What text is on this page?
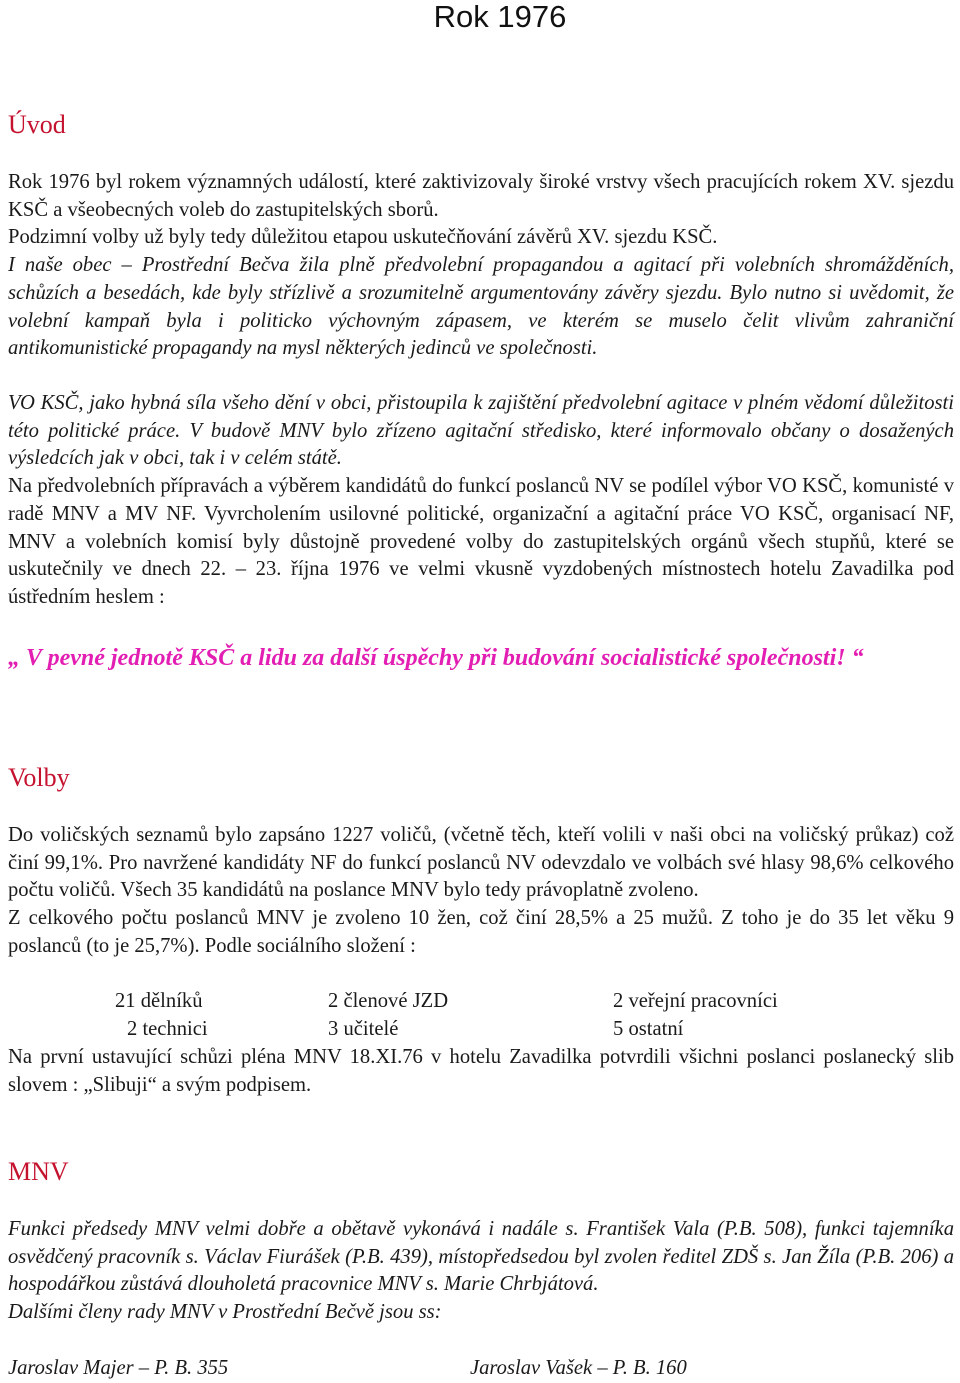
Rok 1976
Úvod

Rok 1976 byl rokem významných událostí, které zaktivizovaly široké vrstvy všech pracujících rokem XV. sjezdu KSČ a všeobecných voleb do zastupitelských sborů.

Podzimní volby už byly tedy důležitou etapou uskutečňování závěrů XV. sjezdu KSČ.

I naše obec – Prostřední Bečva žila plně předvolební propagandou a agitací při volebních shromážděních, schůzích a besedách, kde byly střízlivě a srozumitelně argumentovány závěry sjezdu. Bylo nutno si uvědomit, že volební kampaň byla i politicko výchovným zápasem, ve kterém se muselo čelit vlivům zahraniční antikomunistické propagandy na mysl některých jedinců ve společnosti.

VO KSČ, jako hybná síla všeho dění v obci, přistoupila k zajištění předvolební agitace v plném vědomí důležitosti této politické práce. V budově MNV bylo zřízeno agitační středisko, které informovalo občany o dosažených výsledcích jak v obci, tak i v celém státě.

Na předvolebních přípravách a výběrem kandidátů do funkcí poslanců NV se podílel výbor VO KSČ, komunisté v radě MNV a MV NF. Vyvrcholením usilovné politické, organizační a agitační práce VO KSČ, organisací NF, MNV a volebních komisí byly důstojně provedené volby do zastupitelských orgánů všech stupňů, které se uskutečnily ve dnech 22. – 23. října 1976 ve velmi vkusně vyzdobených místnostech hotelu Zavadilka pod ústředním heslem :

„ V pevné jednotě KSČ a lidu za další úspěchy při budování socialistické společnosti! “

Volby

Do voličských seznamů bylo zapsáno 1227 voličů, (včetně těch, kteří volili v naši obci na voličský průkaz) což činí 99,1%. Pro navržené kandidáty NF do funkcí poslanců NV odevzdalo ve volbách své hlasy 98,6% celkového počtu voličů. Všech 35 kandidátů na poslance MNV bylo tedy právoplatně zvoleno.

Z celkového počtu poslanců MNV je zvoleno 10 žen, což činí 28,5% a 25 mužů. Z toho je do 35 let věku 9 poslanců (to je 25,7%). Podle sociálního složení :

21 dělníků	2 členové JZD	2 veřejní pracovníci
2 technici	3 učitelé	5 ostatní

Na první ustavující schůzi pléna MNV 18.XI.76 v hotelu Zavadilka potvrdili všichni poslanci poslanecký slib slovem : „Slibuji“ a svým podpisem.

MNV

Funkci předsedy MNV velmi dobře a obětavě vykonává i nadále s. František Vala (P.B. 508), funkci tajemníka osvědčený pracovník s. Václav Fiurášek (P.B. 439), místopředsedou byl zvolen ředitel ZDŠ s. Jan Žíla (P.B. 206) a hospodářkou zůstává dlouholetá pracovnice MNV s. Marie Chrbjátová.

Dalšími členy rady MNV v Prostřední Bečvě jsou ss:

Jaroslav Majer – P. B. 355	Jaroslav Vašek – P. B. 160
